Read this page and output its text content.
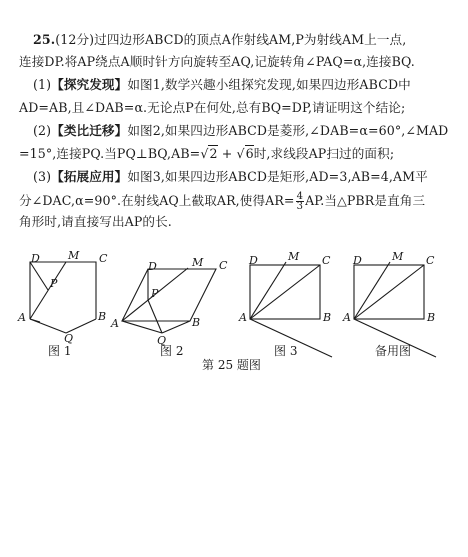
25.(12分)过四边形ABCD的顶点A作射线AM,P为射线AM上一点,
连接DP.将AP绕点A顺时针方向旋转至AQ,记旋转角∠PAQ=α,连接BQ.
(1)【探究发现】如图1,数学兴趣小组探究发现,如果四边形ABCD中
AD=AB,且∠DAB=α.无论点P在何处,总有BQ=DP,请证明这个结论;
(2)【类比迁移】如图2,如果四边形ABCD是菱形,∠DAB=α=60°,∠MAD
=15°,连接PQ.当PQ⊥BQ,AB=√2 + √6时,求线段AP扫过的面积;
(3)【拓展应用】如图3,如果四边形ABCD是矩形,AD=3,AB=4,AM平
分∠DAC,α=90°.在射线AQ上截取AR,使得$AR= \frac{4}{3}$ AP.当△PBR是直角三
角形时,请直接写出AP的长.
D	M C
P
A	B
Q
D	M C
P
A	B
Q
D	M C
A	B
D	M C
A	B
图 1	图 2	图 3	备用图
第 25 题图
